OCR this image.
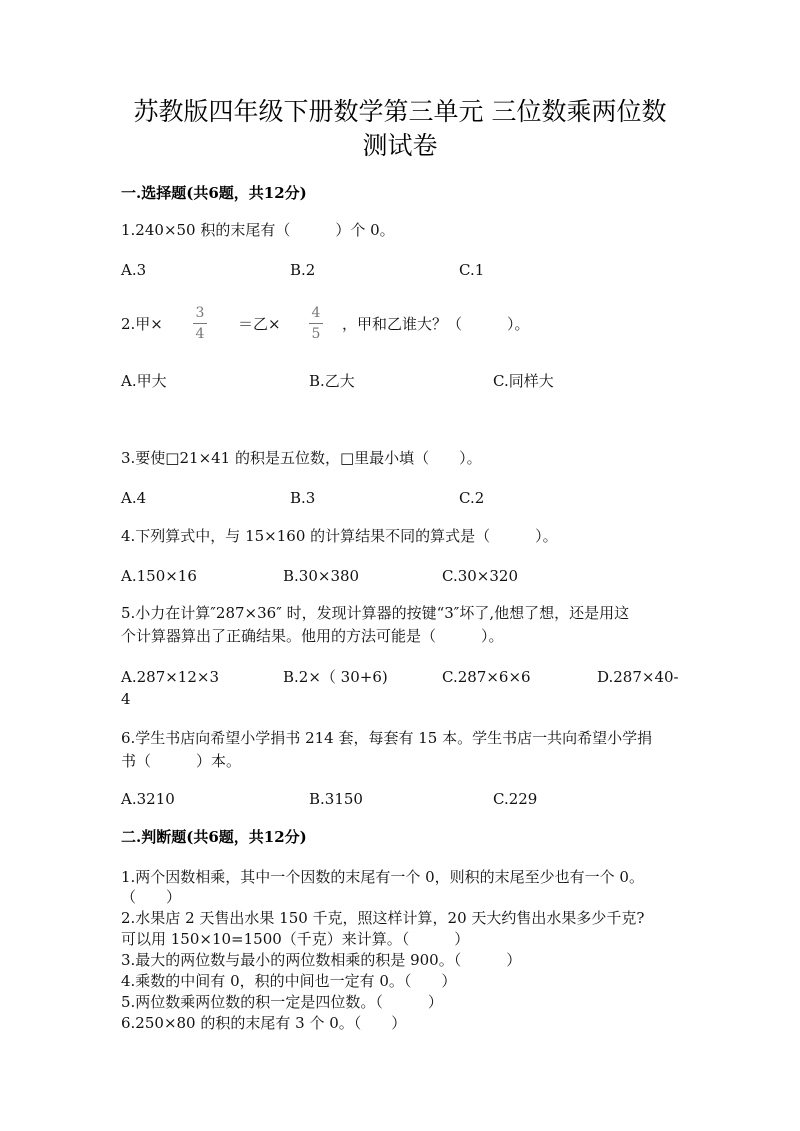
苏教版四年级下册数学第三单元 三位数乘两位数
测试卷
一.选择题(共6题，共12分)
1.240×50 积的末尾有（　　　）个 0。
A.3	B.2	C.1
2.甲×
3
4
＝乙×
4
5
，甲和乙谁大？（　　　）。
A.甲大	B.乙大	C.同样大
3.要使□21×41 的积是五位数，□里最小填（　　）。
A.4	B.3	C.2
4.下列算式中，与 15×160 的计算结果不同的算式是（　　　）。
A.150×16	B.30×380	C.30×320
5.小力在计算″287×36″ 时，发现计算器的按键“3″坏了,他想了想，还是用这
个计算器算出了正确结果。他用的方法可能是（　　　）。
A.287×12×3	B.2×（ 30+6)	C.287×6×6	D.287×40-
4
6.学生书店向希望小学捐书 214 套，每套有 15 本。学生书店一共向希望小学捐
书（　　　）本。
A.3210	B.3150	C.229
二.判断题(共6题，共12分)
1.两个因数相乘，其中一个因数的末尾有一个 0，则积的末尾至少也有一个 0。
（　　）
2.水果店 2 天售出水果 150 千克，照这样计算，20 天大约售出水果多少千克?
可以用 150×10=1500（千克）来计算。（　　　）
3.最大的两位数与最小的两位数相乘的积是 900。（　　　）
4.乘数的中间有 0，积的中间也一定有 0。（　　）
5.两位数乘两位数的积一定是四位数。（　　　）
6.250×80 的积的末尾有 3 个 0。（　　）
